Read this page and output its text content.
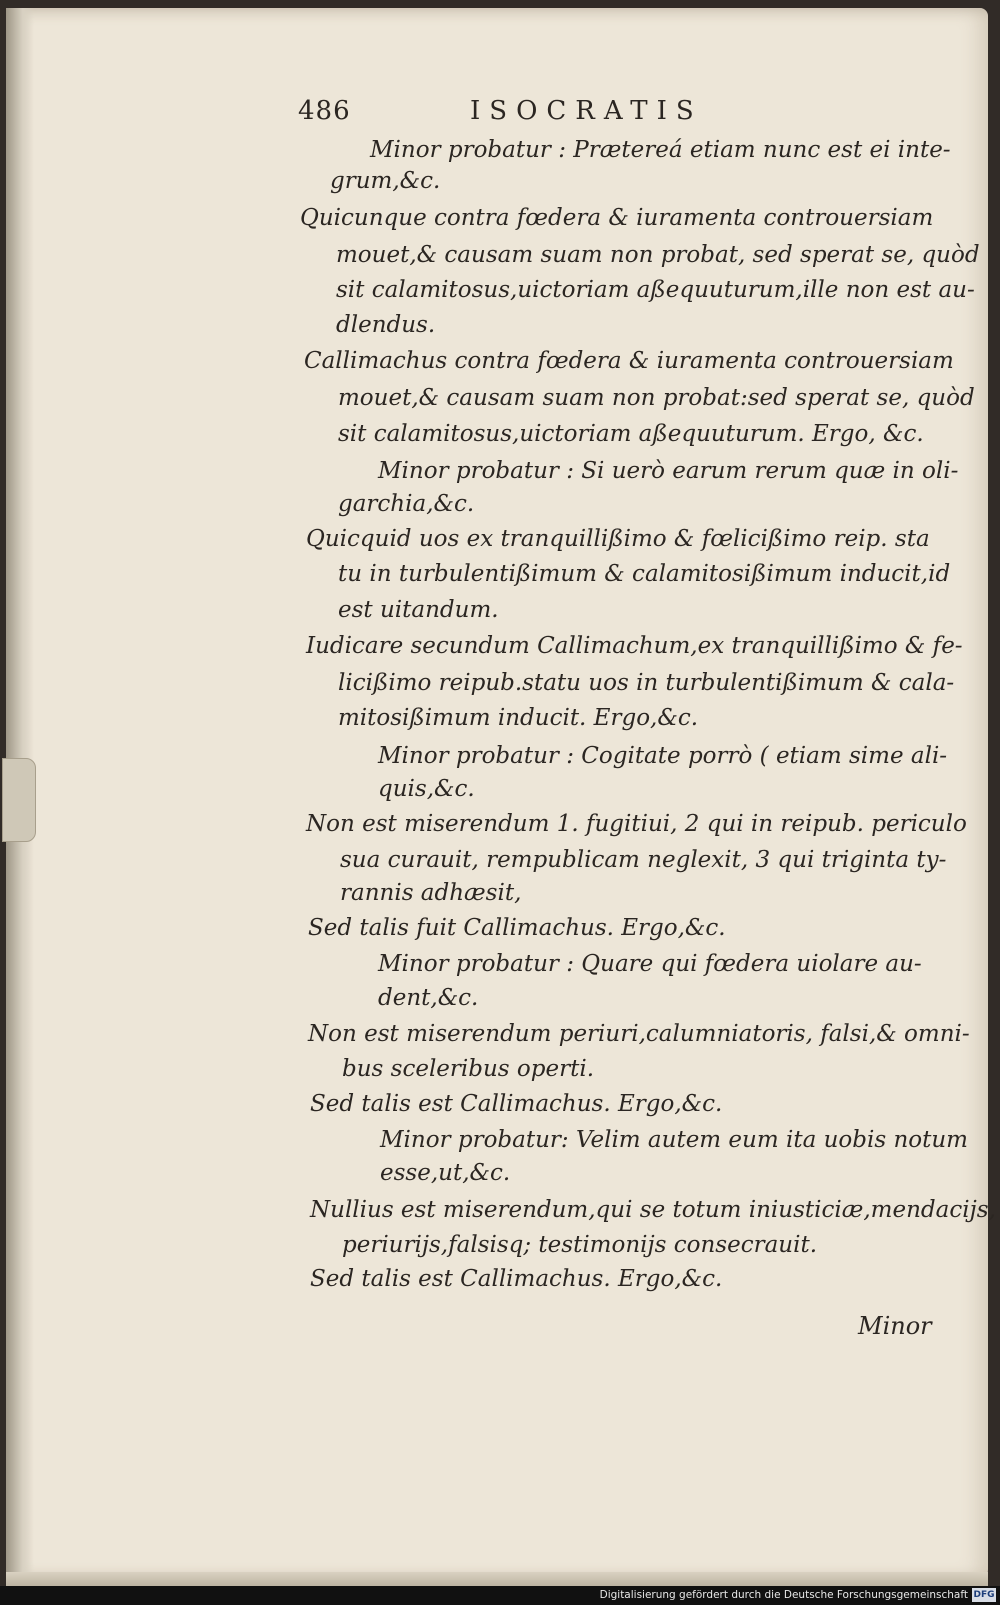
486	ISOCRATIS
Minor probatur : Prætereá etiam nunc est ei inte-
grum,&c.
Quicunque contra fœdera & iuramenta controuersiam
mouet,& causam suam non probat, sed sperat se, quòd
sit calamitosus,uictoriam aßequuturum,ille non est au-
dlendus.
Callimachus contra fœdera & iuramenta controuersiam
mouet,& causam suam non probat:sed sperat se, quòd
sit calamitosus,uictoriam aßequuturum. Ergo, &c.
Minor probatur : Si uerò earum rerum quæ in oli-
garchia,&c.
Quicquid uos ex tranquillißimo & fœlicißimo reip. sta
tu in turbulentißimum & calamitosißimum inducit,id
est uitandum.
Iudicare secundum Callimachum,ex tranquillißimo & fe-
licißimo reipub.statu uos in turbulentißimum & cala-
mitosißimum inducit. Ergo,&c.
Minor probatur : Cogitate porrò ( etiam sime ali-
quis,&c.
Non est miserendum 1. fugitiui, 2 qui in reipub. periculo
sua curauit, rempublicam neglexit, 3 qui triginta ty-
rannis adhæsit,
Sed talis fuit Callimachus. Ergo,&c.
Minor probatur : Quare qui fœdera uiolare au-
dent,&c.
Non est miserendum periuri,calumniatoris, falsi,& omni-
bus sceleribus operti.
Sed talis est Callimachus. Ergo,&c.
Minor probatur: Velim autem eum ita uobis notum
esse,ut,&c.
Nullius est miserendum,qui se totum iniusticiæ,mendacijs,
periurijs,falsisq; testimonijs consecrauit.
Sed talis est Callimachus. Ergo,&c.
Minor
Digitalisierung gefördert durch die Deutsche Forschungsgemeinschaft DFG
